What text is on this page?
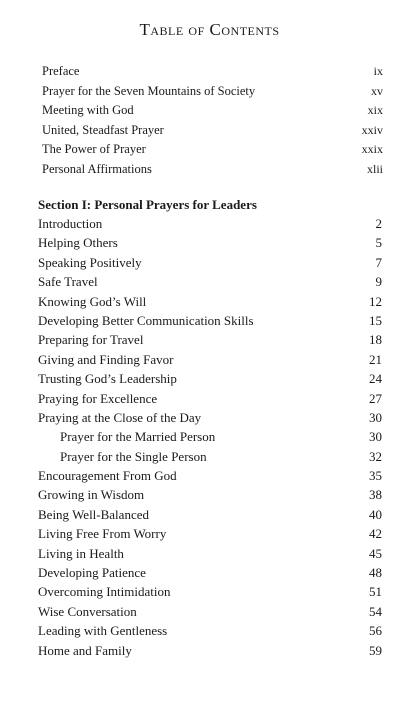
Table of Contents
Preface	ix
Prayer for the Seven Mountains of Society	xv
Meeting with God	xix
United, Steadfast Prayer	xxiv
The Power of Prayer	xxix
Personal Affirmations	xlii
Section I: Personal Prayers for Leaders
Introduction	2
Helping Others	5
Speaking Positively	7
Safe Travel	9
Knowing God’s Will	12
Developing Better Communication Skills	15
Preparing for Travel	18
Giving and Finding Favor	21
Trusting God’s Leadership	24
Praying for Excellence	27
Praying at the Close of the Day	30
Prayer for the Married Person	30
Prayer for the Single Person	32
Encouragement From God	35
Growing in Wisdom	38
Being Well-Balanced	40
Living Free From Worry	42
Living in Health	45
Developing Patience	48
Overcoming Intimidation	51
Wise Conversation	54
Leading with Gentleness	56
Home and Family	59
